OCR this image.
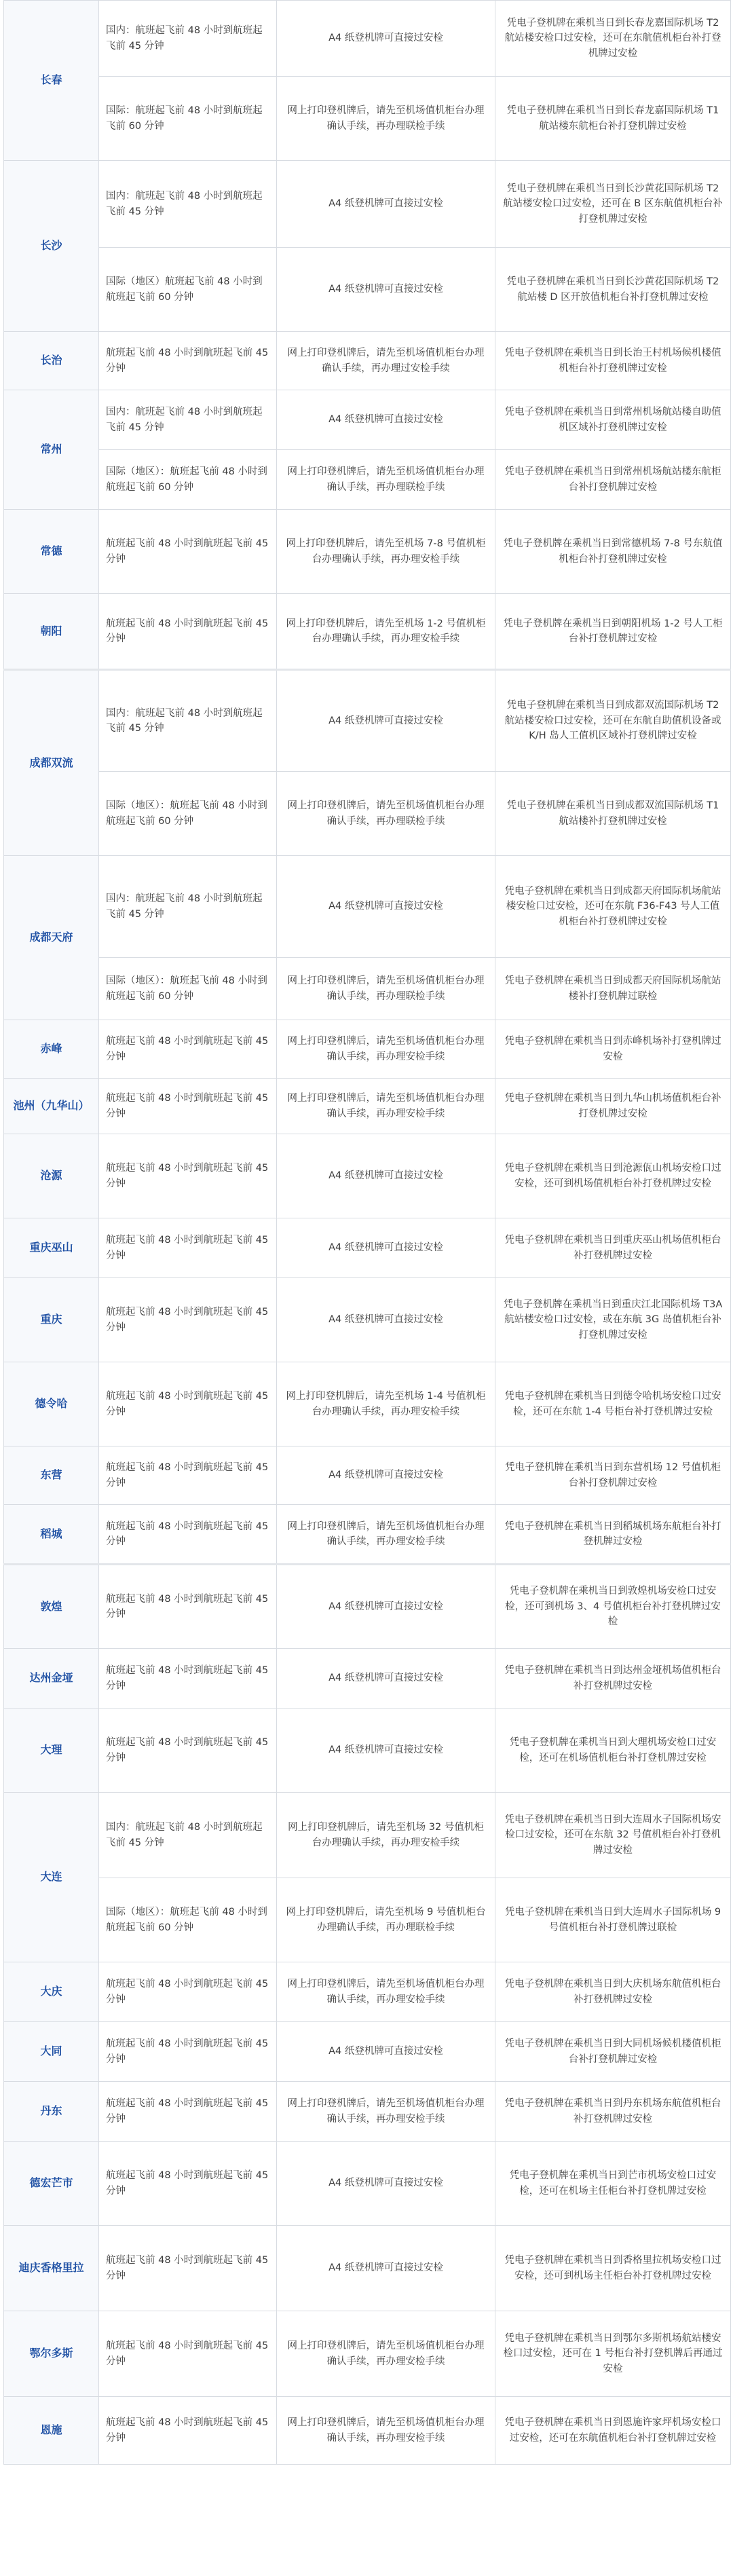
长春	国内：航班起飞前 48 小时到航班起飞前 45 分钟	A4 纸登机牌可直接过安检	凭电子登机牌在乘机当日到长春龙嘉国际机场 T2 航站楼安检口过安检，还可在东航值机柜台补打登机牌过安检
	国际：航班起飞前 48 小时到航班起飞前 60 分钟	网上打印登机牌后，请先至机场值机柜台办理确认手续，再办理联检手续	凭电子登机牌在乘机当日到长春龙嘉国际机场 T1 航站楼东航柜台补打登机牌过安检
长沙	国内：航班起飞前 48 小时到航班起飞前 45 分钟	A4 纸登机牌可直接过安检	凭电子登机牌在乘机当日到长沙黄花国际机场 T2 航站楼安检口过安检，还可在 B 区东航值机柜台补打登机牌过安检
	国际（地区）航班起飞前 48 小时到航班起飞前 60 分钟	A4 纸登机牌可直接过安检	凭电子登机牌在乘机当日到长沙黄花国际机场 T2 航站楼 D 区开放值机柜台补打登机牌过安检
长治	航班起飞前 48 小时到航班起飞前 45 分钟	网上打印登机牌后，请先至机场值机柜台办理确认手续，再办理过安检手续	凭电子登机牌在乘机当日到长治王村机场候机楼值机柜台补打登机牌过安检
常州	国内：航班起飞前 48 小时到航班起飞前 45 分钟	A4 纸登机牌可直接过安检	凭电子登机牌在乘机当日到常州机场航站楼自助值机区域补打登机牌过安检
	国际（地区）：航班起飞前 48 小时到航班起飞前 60 分钟	网上打印登机牌后，请先至机场值机柜台办理确认手续，再办理联检手续	凭电子登机牌在乘机当日到常州机场航站楼东航柜台补打登机牌过安检
常德	航班起飞前 48 小时到航班起飞前 45 分钟	网上打印登机牌后，请先至机场 7-8 号值机柜台办理确认手续，再办理安检手续	凭电子登机牌在乘机当日到常德机场 7-8 号东航值机柜台补打登机牌过安检
朝阳	航班起飞前 48 小时到航班起飞前 45 分钟	网上打印登机牌后，请先至机场 1-2 号值机柜台办理确认手续，再办理安检手续	凭电子登机牌在乘机当日到朝阳机场 1-2 号人工柜台补打登机牌过安检
成都双流	国内：航班起飞前 48 小时到航班起飞前 45 分钟	A4 纸登机牌可直接过安检	凭电子登机牌在乘机当日到成都双流国际机场 T2 航站楼安检口过安检，还可在东航自助值机设备或 K/H 岛人工值机区域补打登机牌过安检
	国际（地区）：航班起飞前 48 小时到航班起飞前 60 分钟	网上打印登机牌后，请先至机场值机柜台办理确认手续，再办理联检手续	凭电子登机牌在乘机当日到成都双流国际机场 T1 航站楼补打登机牌过安检
成都天府	国内：航班起飞前 48 小时到航班起飞前 45 分钟	A4 纸登机牌可直接过安检	凭电子登机牌在乘机当日到成都天府国际机场航站楼安检口过安检，还可在东航 F36-F43 号人工值机柜台补打登机牌过安检
	国际（地区）：航班起飞前 48 小时到航班起飞前 60 分钟	网上打印登机牌后，请先至机场值机柜台办理确认手续，再办理联检手续	凭电子登机牌在乘机当日到成都天府国际机场航站楼补打登机牌过联检
赤峰	航班起飞前 48 小时到航班起飞前 45 分钟	网上打印登机牌后，请先至机场值机柜台办理确认手续，再办理安检手续	凭电子登机牌在乘机当日到赤峰机场补打登机牌过安检
池州（九华山）	航班起飞前 48 小时到航班起飞前 45 分钟	网上打印登机牌后，请先至机场值机柜台办理确认手续，再办理安检手续	凭电子登机牌在乘机当日到九华山机场值机柜台补打登机牌过安检
沧源	航班起飞前 48 小时到航班起飞前 45 分钟	A4 纸登机牌可直接过安检	凭电子登机牌在乘机当日到沧源佤山机场安检口过安检，还可到机场值机柜台补打登机牌过安检
重庆巫山	航班起飞前 48 小时到航班起飞前 45 分钟	A4 纸登机牌可直接过安检	凭电子登机牌在乘机当日到重庆巫山机场值机柜台补打登机牌过安检
重庆	航班起飞前 48 小时到航班起飞前 45 分钟	A4 纸登机牌可直接过安检	凭电子登机牌在乘机当日到重庆江北国际机场 T3A 航站楼安检口过安检，或在东航 3G 岛值机柜台补打登机牌过安检
德令哈	航班起飞前 48 小时到航班起飞前 45 分钟	网上打印登机牌后，请先至机场 1-4 号值机柜台办理确认手续，再办理安检手续	凭电子登机牌在乘机当日到德令哈机场安检口过安检，还可在东航 1-4 号柜台补打登机牌过安检
东营	航班起飞前 48 小时到航班起飞前 45 分钟	A4 纸登机牌可直接过安检	凭电子登机牌在乘机当日到东营机场 12 号值机柜台补打登机牌过安检
稻城	航班起飞前 48 小时到航班起飞前 45 分钟	网上打印登机牌后，请先至机场值机柜台办理确认手续，再办理安检手续	凭电子登机牌在乘机当日到稻城机场东航柜台补打登机牌过安检
敦煌	航班起飞前 48 小时到航班起飞前 45 分钟	A4 纸登机牌可直接过安检	凭电子登机牌在乘机当日到敦煌机场安检口过安检，还可到机场 3、4 号值机柜台补打登机牌过安检
达州金垭	航班起飞前 48 小时到航班起飞前 45 分钟	A4 纸登机牌可直接过安检	凭电子登机牌在乘机当日到达州金垭机场值机柜台补打登机牌过安检
大理	航班起飞前 48 小时到航班起飞前 45 分钟	A4 纸登机牌可直接过安检	凭电子登机牌在乘机当日到大理机场安检口过安检，还可在机场值机柜台补打登机牌过安检
大连	国内：航班起飞前 48 小时到航班起飞前 45 分钟	网上打印登机牌后，请先至机场 32 号值机柜台办理确认手续，再办理安检手续	凭电子登机牌在乘机当日到大连周水子国际机场安检口过安检，还可在东航 32 号值机柜台补打登机牌过安检
	国际（地区）：航班起飞前 48 小时到航班起飞前 60 分钟	网上打印登机牌后，请先至机场 9 号值机柜台办理确认手续，再办理联检手续	凭电子登机牌在乘机当日到大连周水子国际机场 9 号值机柜台补打登机牌过联检
大庆	航班起飞前 48 小时到航班起飞前 45 分钟	网上打印登机牌后，请先至机场值机柜台办理确认手续，再办理安检手续	凭电子登机牌在乘机当日到大庆机场东航值机柜台补打登机牌过安检
大同	航班起飞前 48 小时到航班起飞前 45 分钟	A4 纸登机牌可直接过安检	凭电子登机牌在乘机当日到大同机场候机楼值机柜台补打登机牌过安检
丹东	航班起飞前 48 小时到航班起飞前 45 分钟	网上打印登机牌后，请先至机场值机柜台办理确认手续，再办理安检手续	凭电子登机牌在乘机当日到丹东机场东航值机柜台补打登机牌过安检
德宏芒市	航班起飞前 48 小时到航班起飞前 45 分钟	A4 纸登机牌可直接过安检	凭电子登机牌在乘机当日到芒市机场安检口过安检，还可在机场主任柜台补打登机牌过安检
迪庆香格里拉	航班起飞前 48 小时到航班起飞前 45 分钟	A4 纸登机牌可直接过安检	凭电子登机牌在乘机当日到香格里拉机场安检口过安检，还可到机场主任柜台补打登机牌过安检
鄂尔多斯	航班起飞前 48 小时到航班起飞前 45 分钟	网上打印登机牌后，请先至机场值机柜台办理确认手续，再办理安检手续	凭电子登机牌在乘机当日到鄂尔多斯机场航站楼安检口过安检，还可在 1 号柜台补打登机牌后再通过安检
恩施	航班起飞前 48 小时到航班起飞前 45 分钟	网上打印登机牌后，请先至机场值机柜台办理确认手续，再办理安检手续	凭电子登机牌在乘机当日到恩施许家坪机场安检口过安检，还可在东航值机柜台补打登机牌过安检
